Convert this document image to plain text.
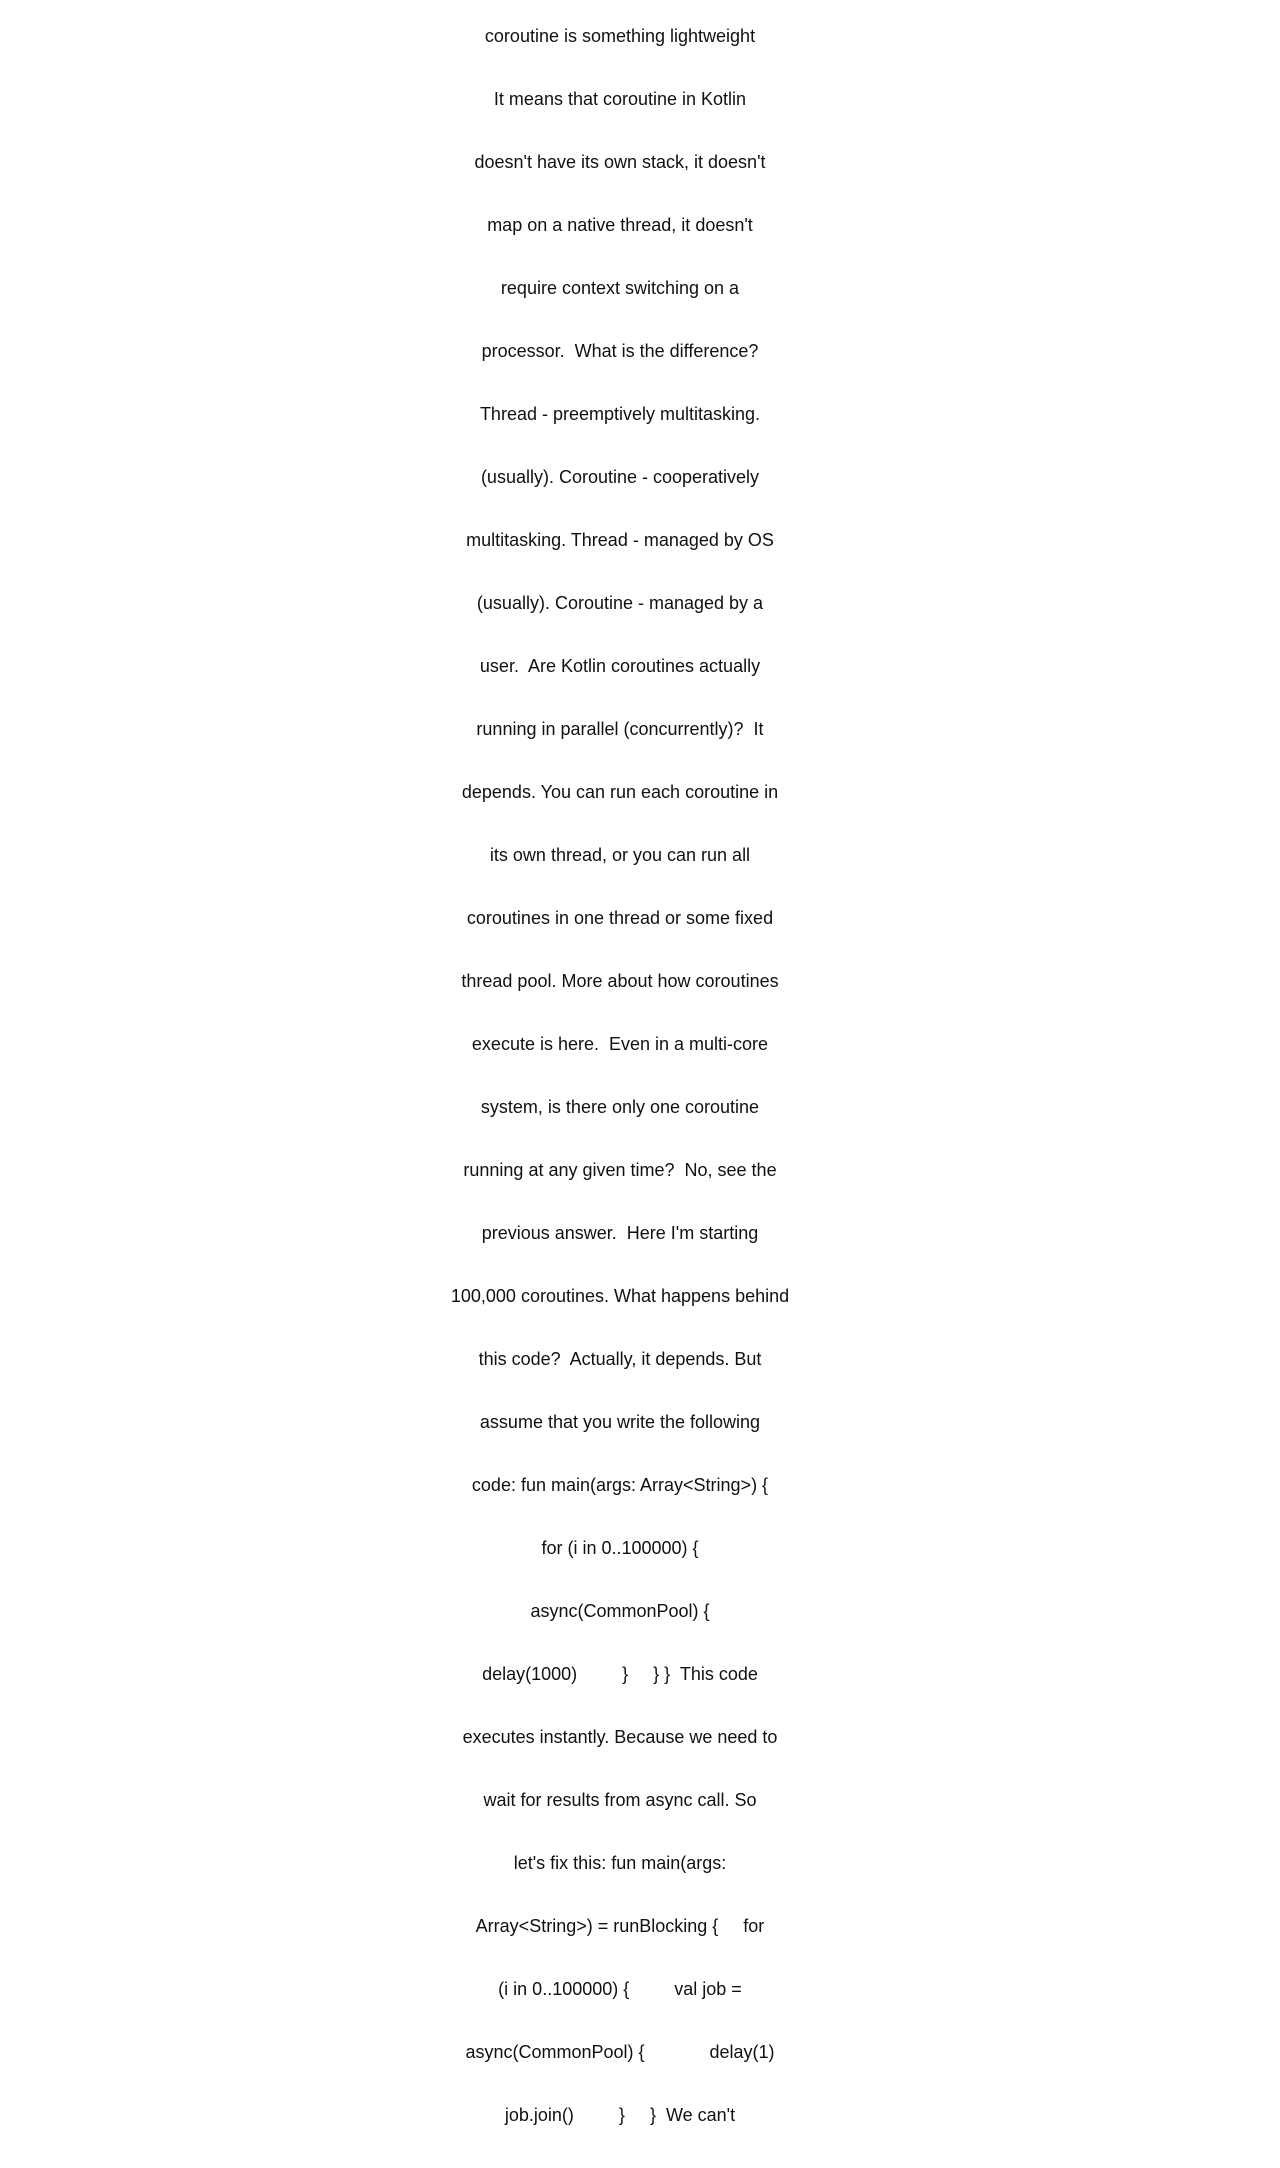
coroutine is something lightweight

It means that coroutine in Kotlin

doesn't have its own stack, it doesn't

map on a native thread, it doesn't

require context switching on a

processor.  What is the difference?

Thread - preemptively multitasking.

(usually). Coroutine - cooperatively

multitasking. Thread - managed by OS

(usually). Coroutine - managed by a

user.  Are Kotlin coroutines actually

running in parallel (concurrently)?  It

depends. You can run each coroutine in

its own thread, or you can run all

coroutines in one thread or some fixed

thread pool. More about how coroutines

execute is here.  Even in a multi-core

system, is there only one coroutine

running at any given time?  No, see the

previous answer.  Here I'm starting

100,000 coroutines. What happens behind

this code?  Actually, it depends. But

assume that you write the following

code: fun main(args: Array<String>) {

for (i in 0..100000) {

async(CommonPool) {

delay(1000)         }     } }  This code

executes instantly. Because we need to

wait for results from async call. So

let's fix this: fun main(args:

Array<String>) = runBlocking {     for

(i in 0..100000) {         val job =

async(CommonPool) {             delay(1)

job.join()         }     }  We can't
